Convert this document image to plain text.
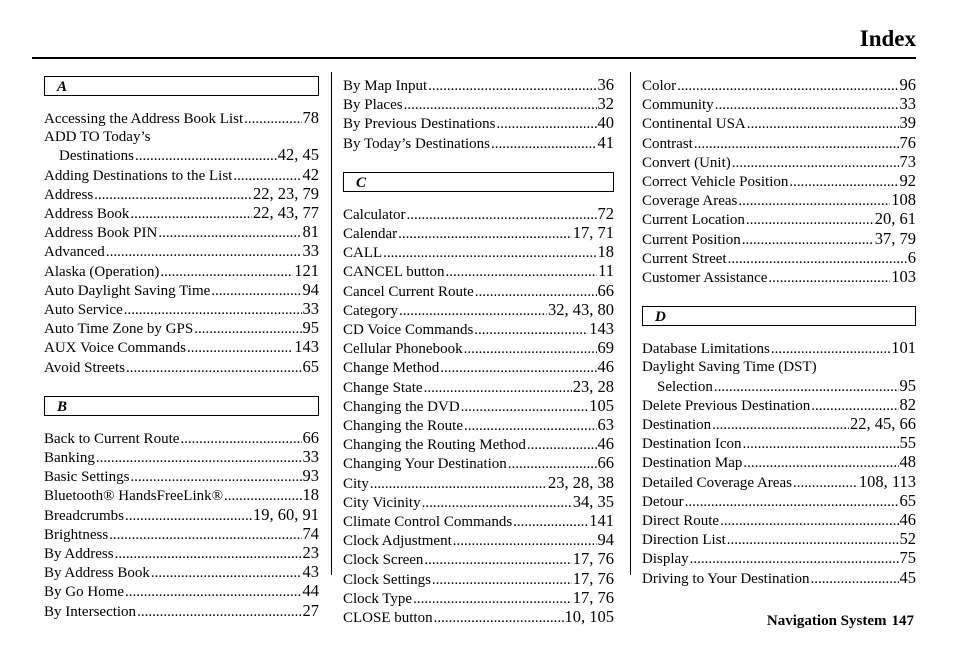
Index
A
Accessing the Address Book List .....	78
ADD TO Today’s
Destinations .....	42, 45
Adding Destinations to the List .....	42
Address .....	22, 23, 79
Address Book .....	22, 43, 77
Address Book PIN .....	81
Advanced .....	33
Alaska (Operation) .....	121
Auto Daylight Saving Time .....	94
Auto Service .....	33
Auto Time Zone by GPS .....	95
AUX Voice Commands .....	143
Avoid Streets .....	65
B
Back to Current Route .....	66
Banking .....	33
Basic Settings .....	93
Bluetooth® HandsFreeLink® .....	18
Breadcrumbs .....	19, 60, 91
Brightness .....	74
By Address .....	23
By Address Book .....	43
By Go Home .....	44
By Intersection .....	27
By Map Input .....	36
By Places .....	32
By Previous Destinations .....	40
By Today’s Destinations .....	41
C
Calculator .....	72
Calendar .....	17, 71
CALL .....	18
CANCEL button .....	11
Cancel Current Route .....	66
Category .....	32, 43, 80
CD Voice Commands .....	143
Cellular Phonebook .....	69
Change Method .....	46
Change State .....	23, 28
Changing the DVD .....	105
Changing the Route .....	63
Changing the Routing Method .....	46
Changing Your Destination .....	66
City .....	23, 28, 38
City Vicinity .....	34, 35
Climate Control Commands .....	141
Clock Adjustment .....	94
Clock Screen .....	17, 76
Clock Settings .....	17, 76
Clock Type .....	17, 76
CLOSE button .....	10, 105
Color .....	96
Community .....	33
Continental USA .....	39
Contrast .....	76
Convert (Unit) .....	73
Correct Vehicle Position .....	92
Coverage Areas .....	108
Current Location .....	20, 61
Current Position .....	37, 79
Current Street .....	6
Customer Assistance .....	103
D
Database Limitations .....	101
Daylight Saving Time (DST)
Selection .....	95
Delete Previous Destination .....	82
Destination .....	22, 45, 66
Destination Icon .....	55
Destination Map .....	48
Detailed Coverage Areas .....	108, 113
Detour .....	65
Direct Route .....	46
Direction List .....	52
Display .....	75
Driving to Your Destination .....	45
Navigation System 147
